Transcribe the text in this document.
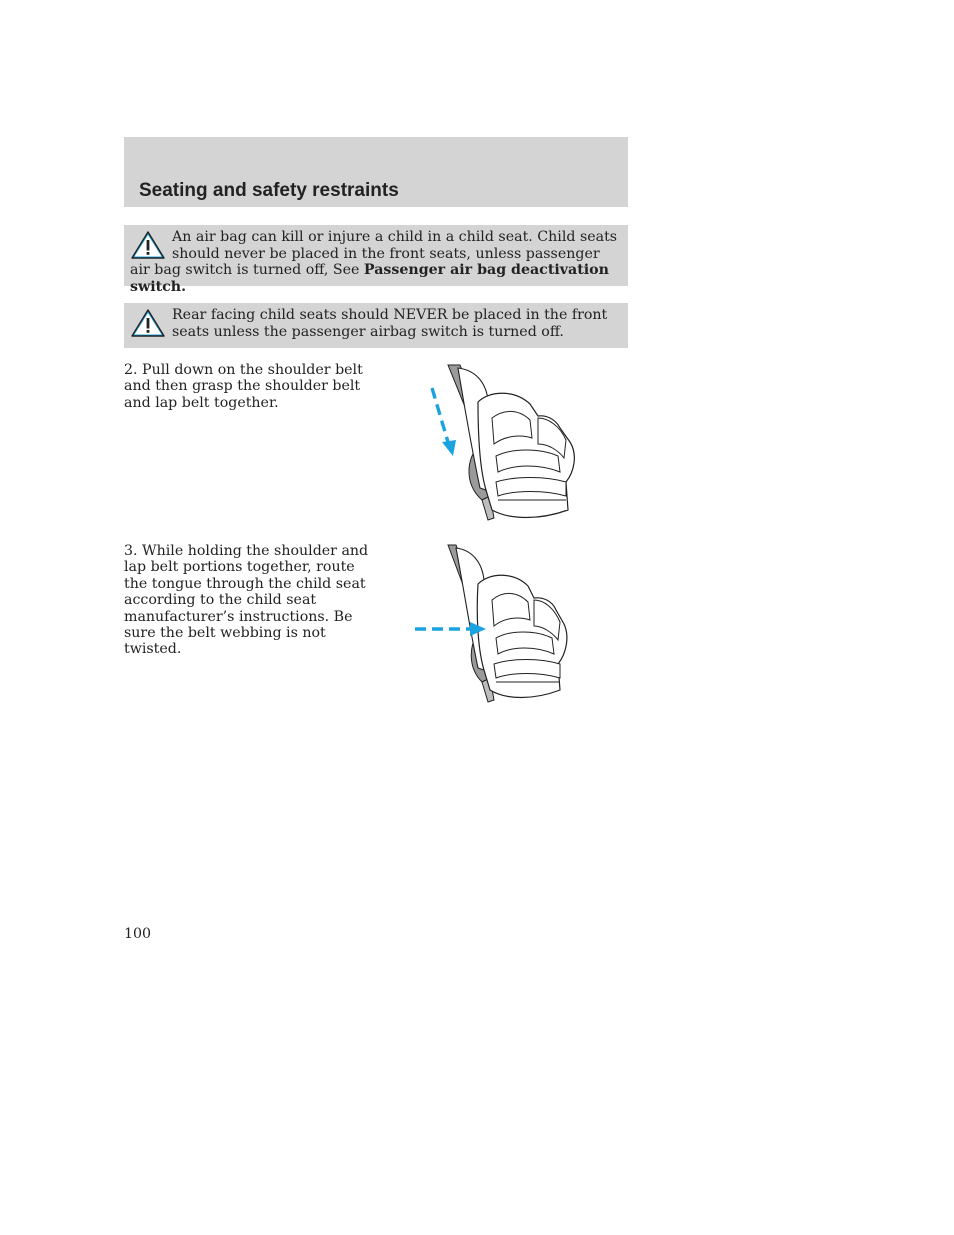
Seating and safety restraints

An air bag can kill or injure a child in a child seat. Child seats should never be placed in the front seats, unless passenger air bag switch is turned off, See Passenger air bag deactivation switch.

Rear facing child seats should NEVER be placed in the front seats unless the passenger airbag switch is turned off.

2. Pull down on the shoulder belt and then grasp the shoulder belt and lap belt together.

3. While holding the shoulder and lap belt portions together, route the tongue through the child seat according to the child seat manufacturer’s instructions. Be sure the belt webbing is not twisted.

100
